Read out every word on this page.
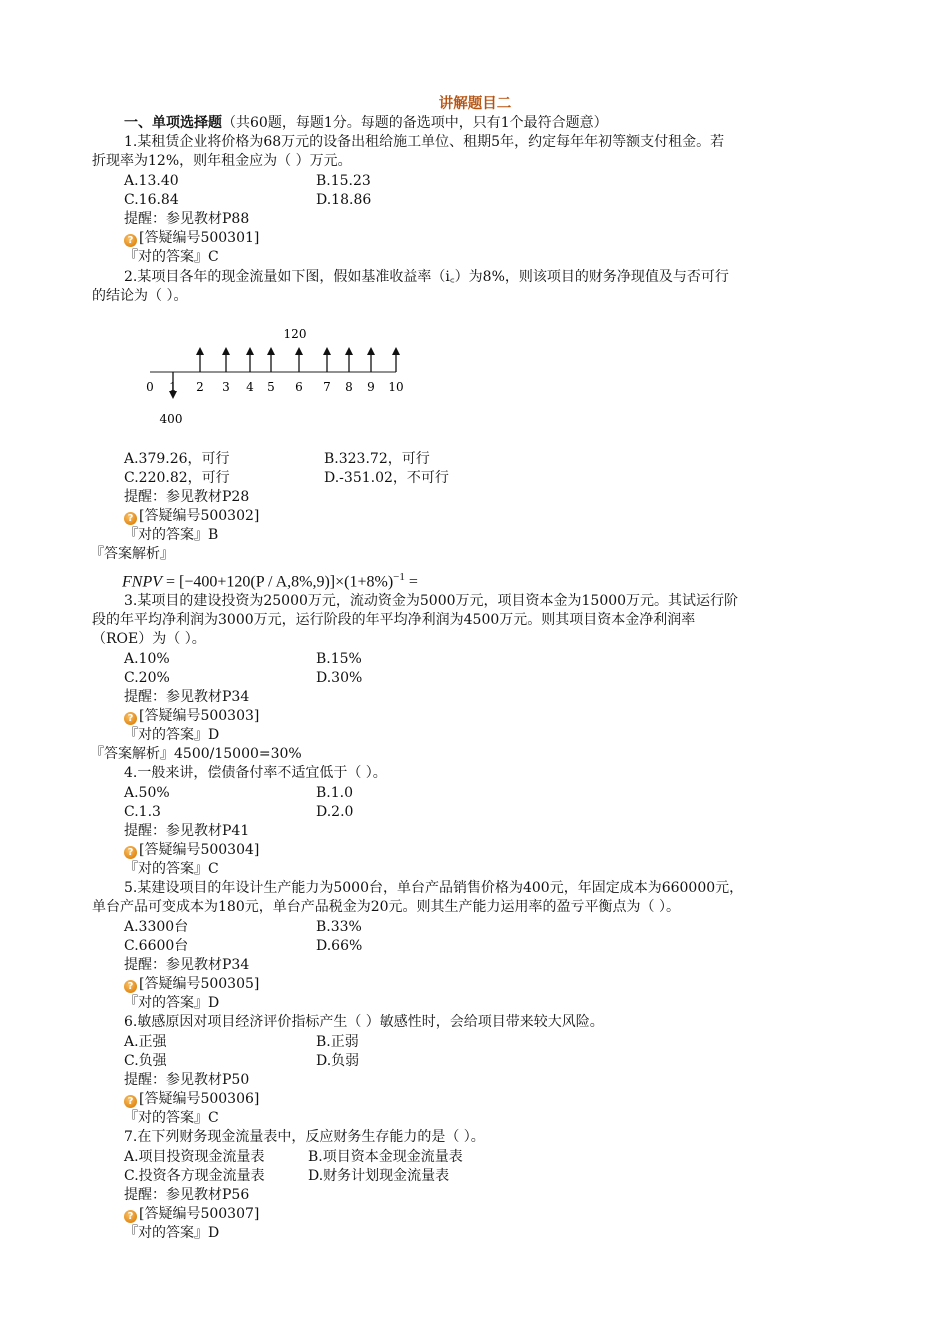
讲解题目二
一、单项选择题（共60题，每题1分。每题的备选项中，只有1个最符合题意）
1.某租赁企业将价格为68万元的设备出租给施工单位、租期5年，约定每年年初等额支付租金。若
折现率为12%，则年租金应为（ ）万元。
A.13.40	B.15.23
C.16.84	D.18.86
提醒：参见教材P88
? [答疑编号500301]
『对的答案』C
2.某项目各年的现金流量如下图，假如基准收益率（i꜀）为8%，则该项目的财务净现值及与否可行
的结论为（ ）。
120
0 1 2 3 4 5 6 7 8 9 10
400
A.379.26，可行	B.323.72，可行
C.220.82，可行	D.-351.02，不可行
提醒：参见教材P28
? [答疑编号500302]
『对的答案』B
『答案解析』
FNPV = $[-400+120(P / A,8\%,9)]\times(1+8\%)^{-1}$ =
3.某项目的建设投资为25000万元，流动资金为5000万元，项目资本金为15000万元。其试运行阶
段的年平均净利润为3000万元，运行阶段的年平均净利润为4500万元。则其项目资本金净利润率
（ROE）为（ ）。
A.10%	B.15%
C.20%	D.30%
提醒：参见教材P34
? [答疑编号500303]
『对的答案』D
『答案解析』4500/15000=30%
4.一般来讲，偿债备付率不适宜低于（ ）。
A.50%	B.1.0
C.1.3	D.2.0
提醒：参见教材P41
? [答疑编号500304]
『对的答案』C
5.某建设项目的年设计生产能力为5000台，单台产品销售价格为400元，年固定成本为660000元，
单台产品可变成本为180元，单台产品税金为20元。则其生产能力运用率的盈亏平衡点为（ ）。
A.3300台	B.33%
C.6600台	D.66%
提醒：参见教材P34
? [答疑编号500305]
『对的答案』D
6.敏感原因对项目经济评价指标产生（ ）敏感性时，会给项目带来较大风险。
A.正强	B.正弱
C.负强	D.负弱
提醒：参见教材P50
? [答疑编号500306]
『对的答案』C
7.在下列财务现金流量表中，反应财务生存能力的是（ ）。
A.项目投资现金流量表	B.项目资本金现金流量表
C.投资各方现金流量表	D.财务计划现金流量表
提醒：参见教材P56
? [答疑编号500307]
『对的答案』D
